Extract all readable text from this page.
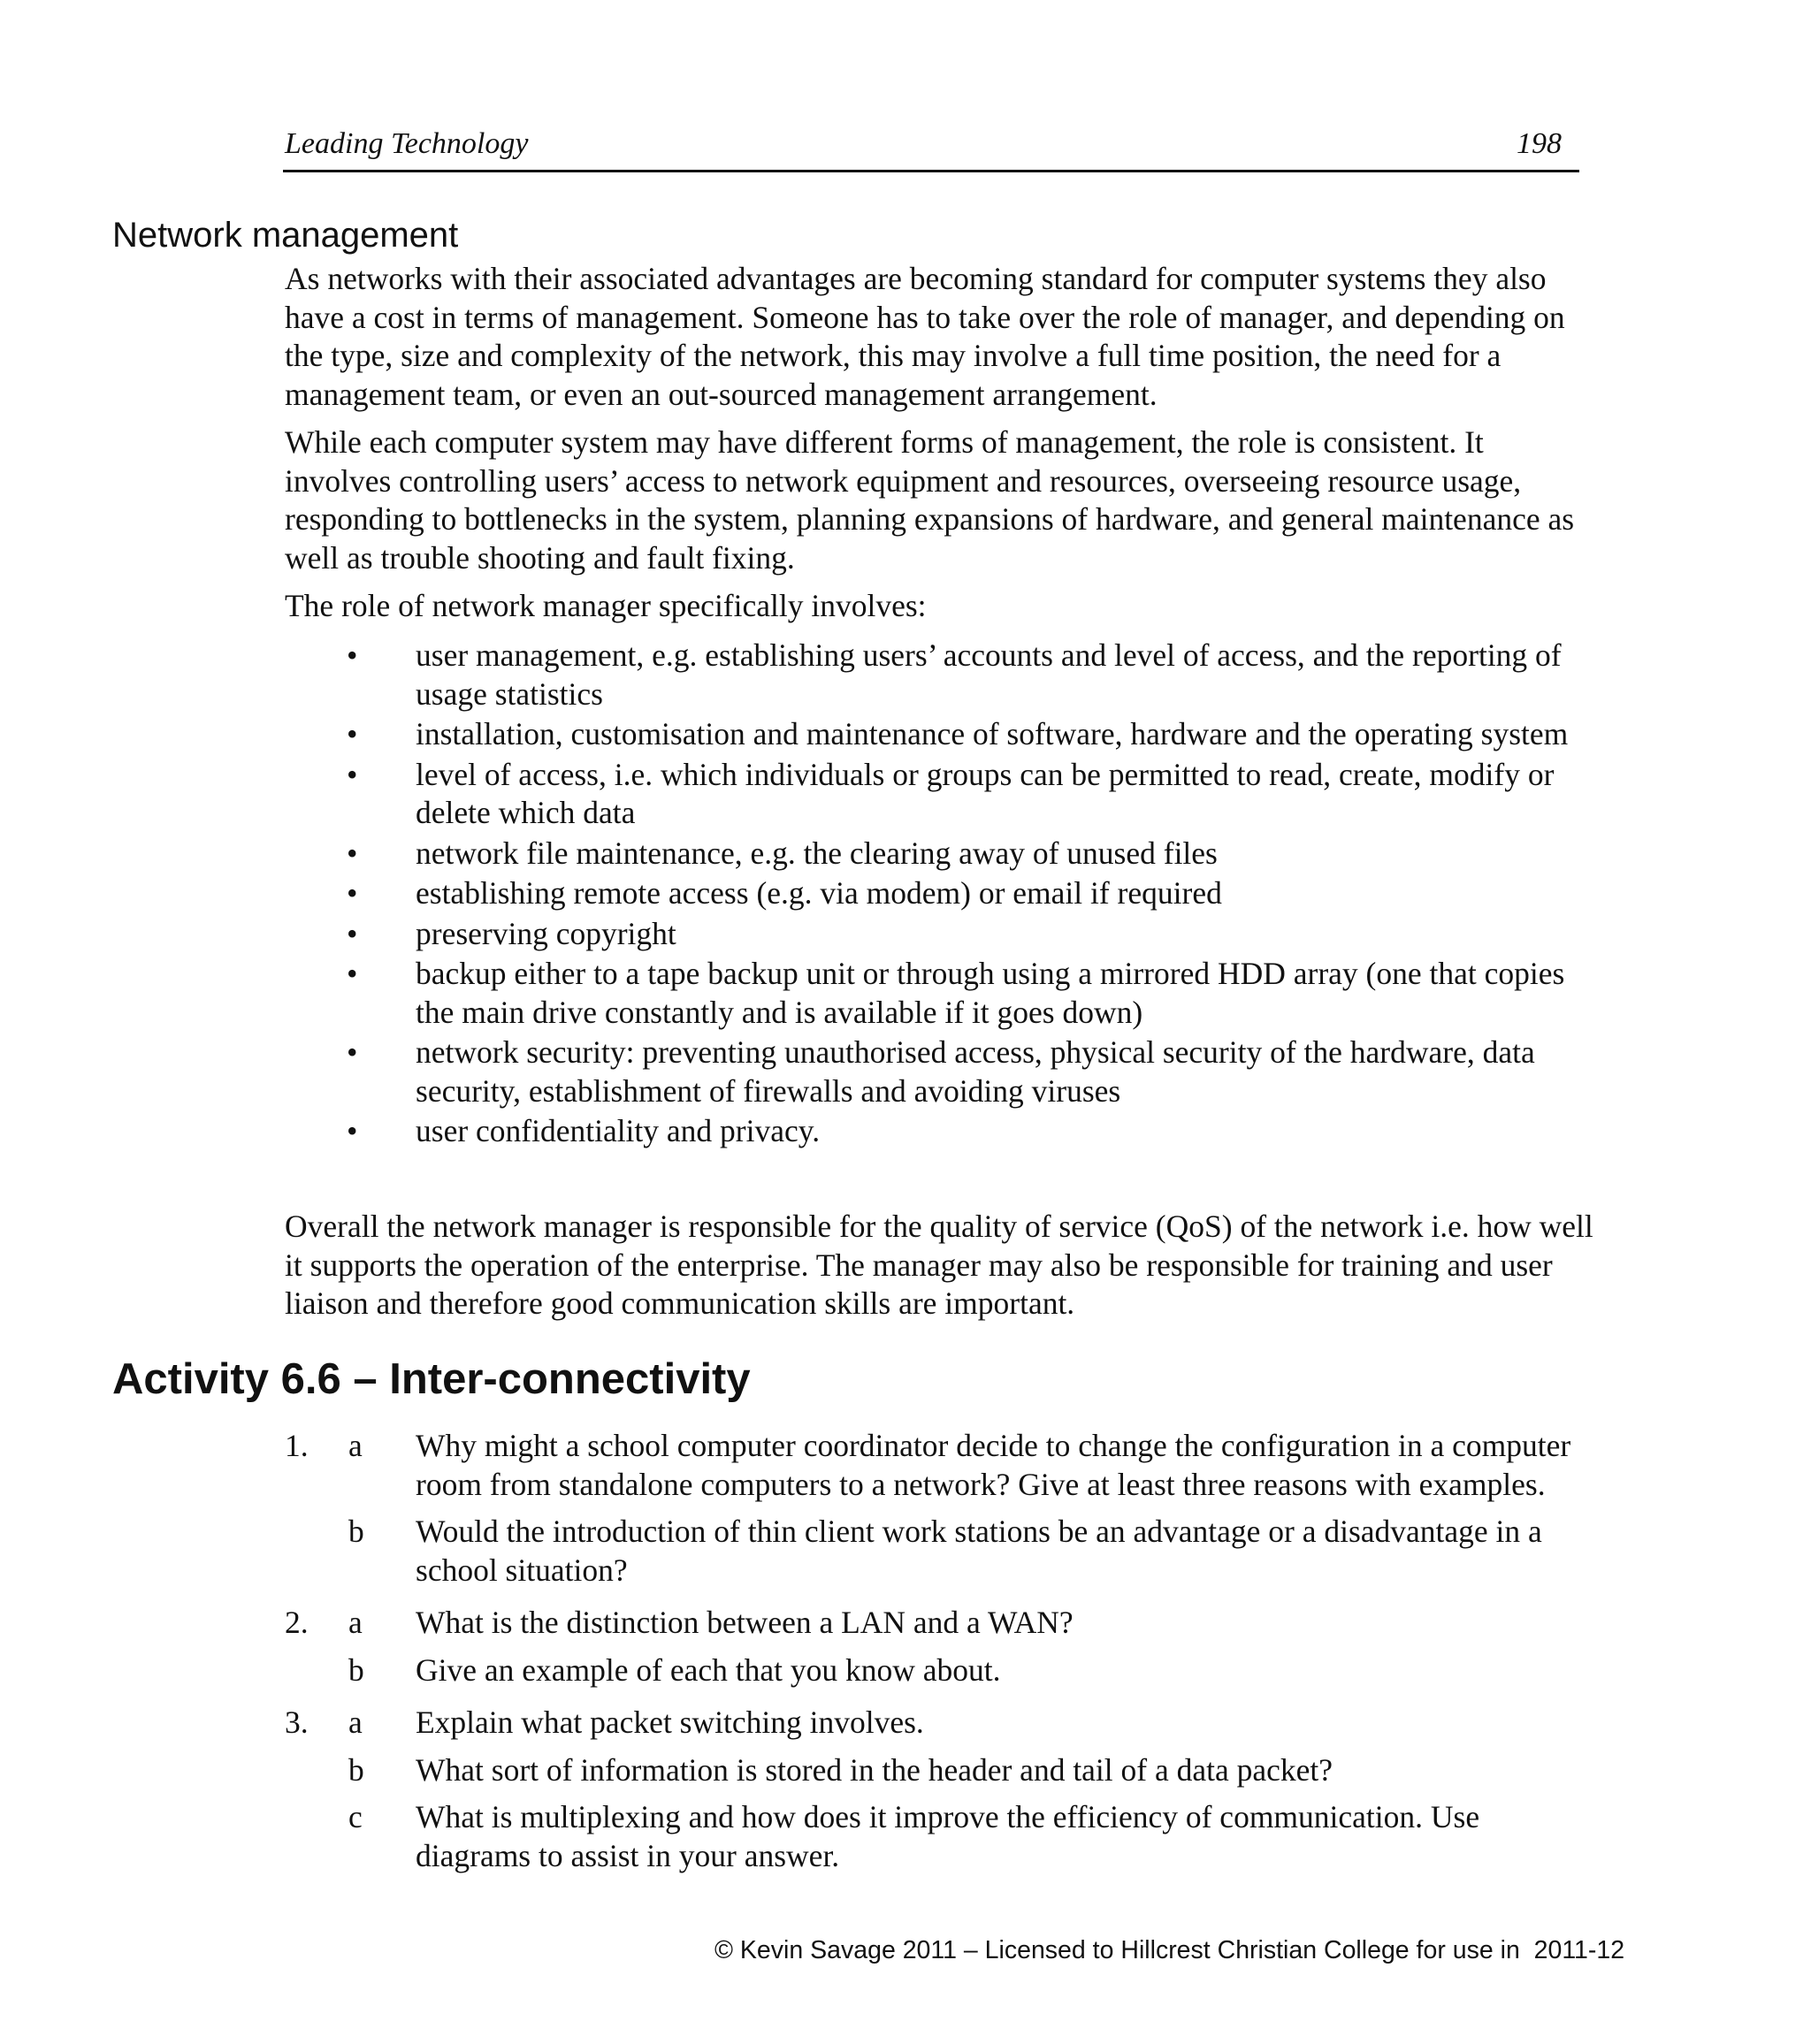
Leading Technology	198
Network management

As networks with their associated advantages are becoming standard for computer systems they also have a cost in terms of management. Someone has to take over the role of manager, and depending on the type, size and complexity of the network, this may involve a full time position, the need for a management team, or even an out-sourced management arrangement.

While each computer system may have different forms of management, the role is consistent. It involves controlling users’ access to network equipment and resources, overseeing resource usage, responding to bottlenecks in the system, planning expansions of hardware, and general maintenance as well as trouble shooting and fault fixing.

The role of network manager specifically involves:

• user management, e.g. establishing users’ accounts and level of access, and the reporting of usage statistics
• installation, customisation and maintenance of software, hardware and the operating system
• level of access, i.e. which individuals or groups can be permitted to read, create, modify or delete which data
• network file maintenance, e.g. the clearing away of unused files
• establishing remote access (e.g. via modem) or email if required
• preserving copyright
• backup either to a tape backup unit or through using a mirrored HDD array (one that copies the main drive constantly and is available if it goes down)
• network security: preventing unauthorised access, physical security of the hardware, data security, establishment of firewalls and avoiding viruses
• user confidentiality and privacy.

Overall the network manager is responsible for the quality of service (QoS) of the network i.e. how well it supports the operation of the enterprise. The manager may also be responsible for training and user liaison and therefore good communication skills are important.

Activity 6.6 – Inter-connectivity
1. a Why might a school computer coordinator decide to change the configuration in a computer room from standalone computers to a network? Give at least three reasons with examples.
b Would the introduction of thin client work stations be an advantage or a disadvantage in a school situation?
2. a What is the distinction between a LAN and a WAN?
b Give an example of each that you know about.
3. a Explain what packet switching involves.
b What sort of information is stored in the header and tail of a data packet?
c What is multiplexing and how does it improve the efficiency of communication. Use diagrams to assist in your answer.
© Kevin Savage 2011 – Licensed to Hillcrest Christian College for use in  2011-12
